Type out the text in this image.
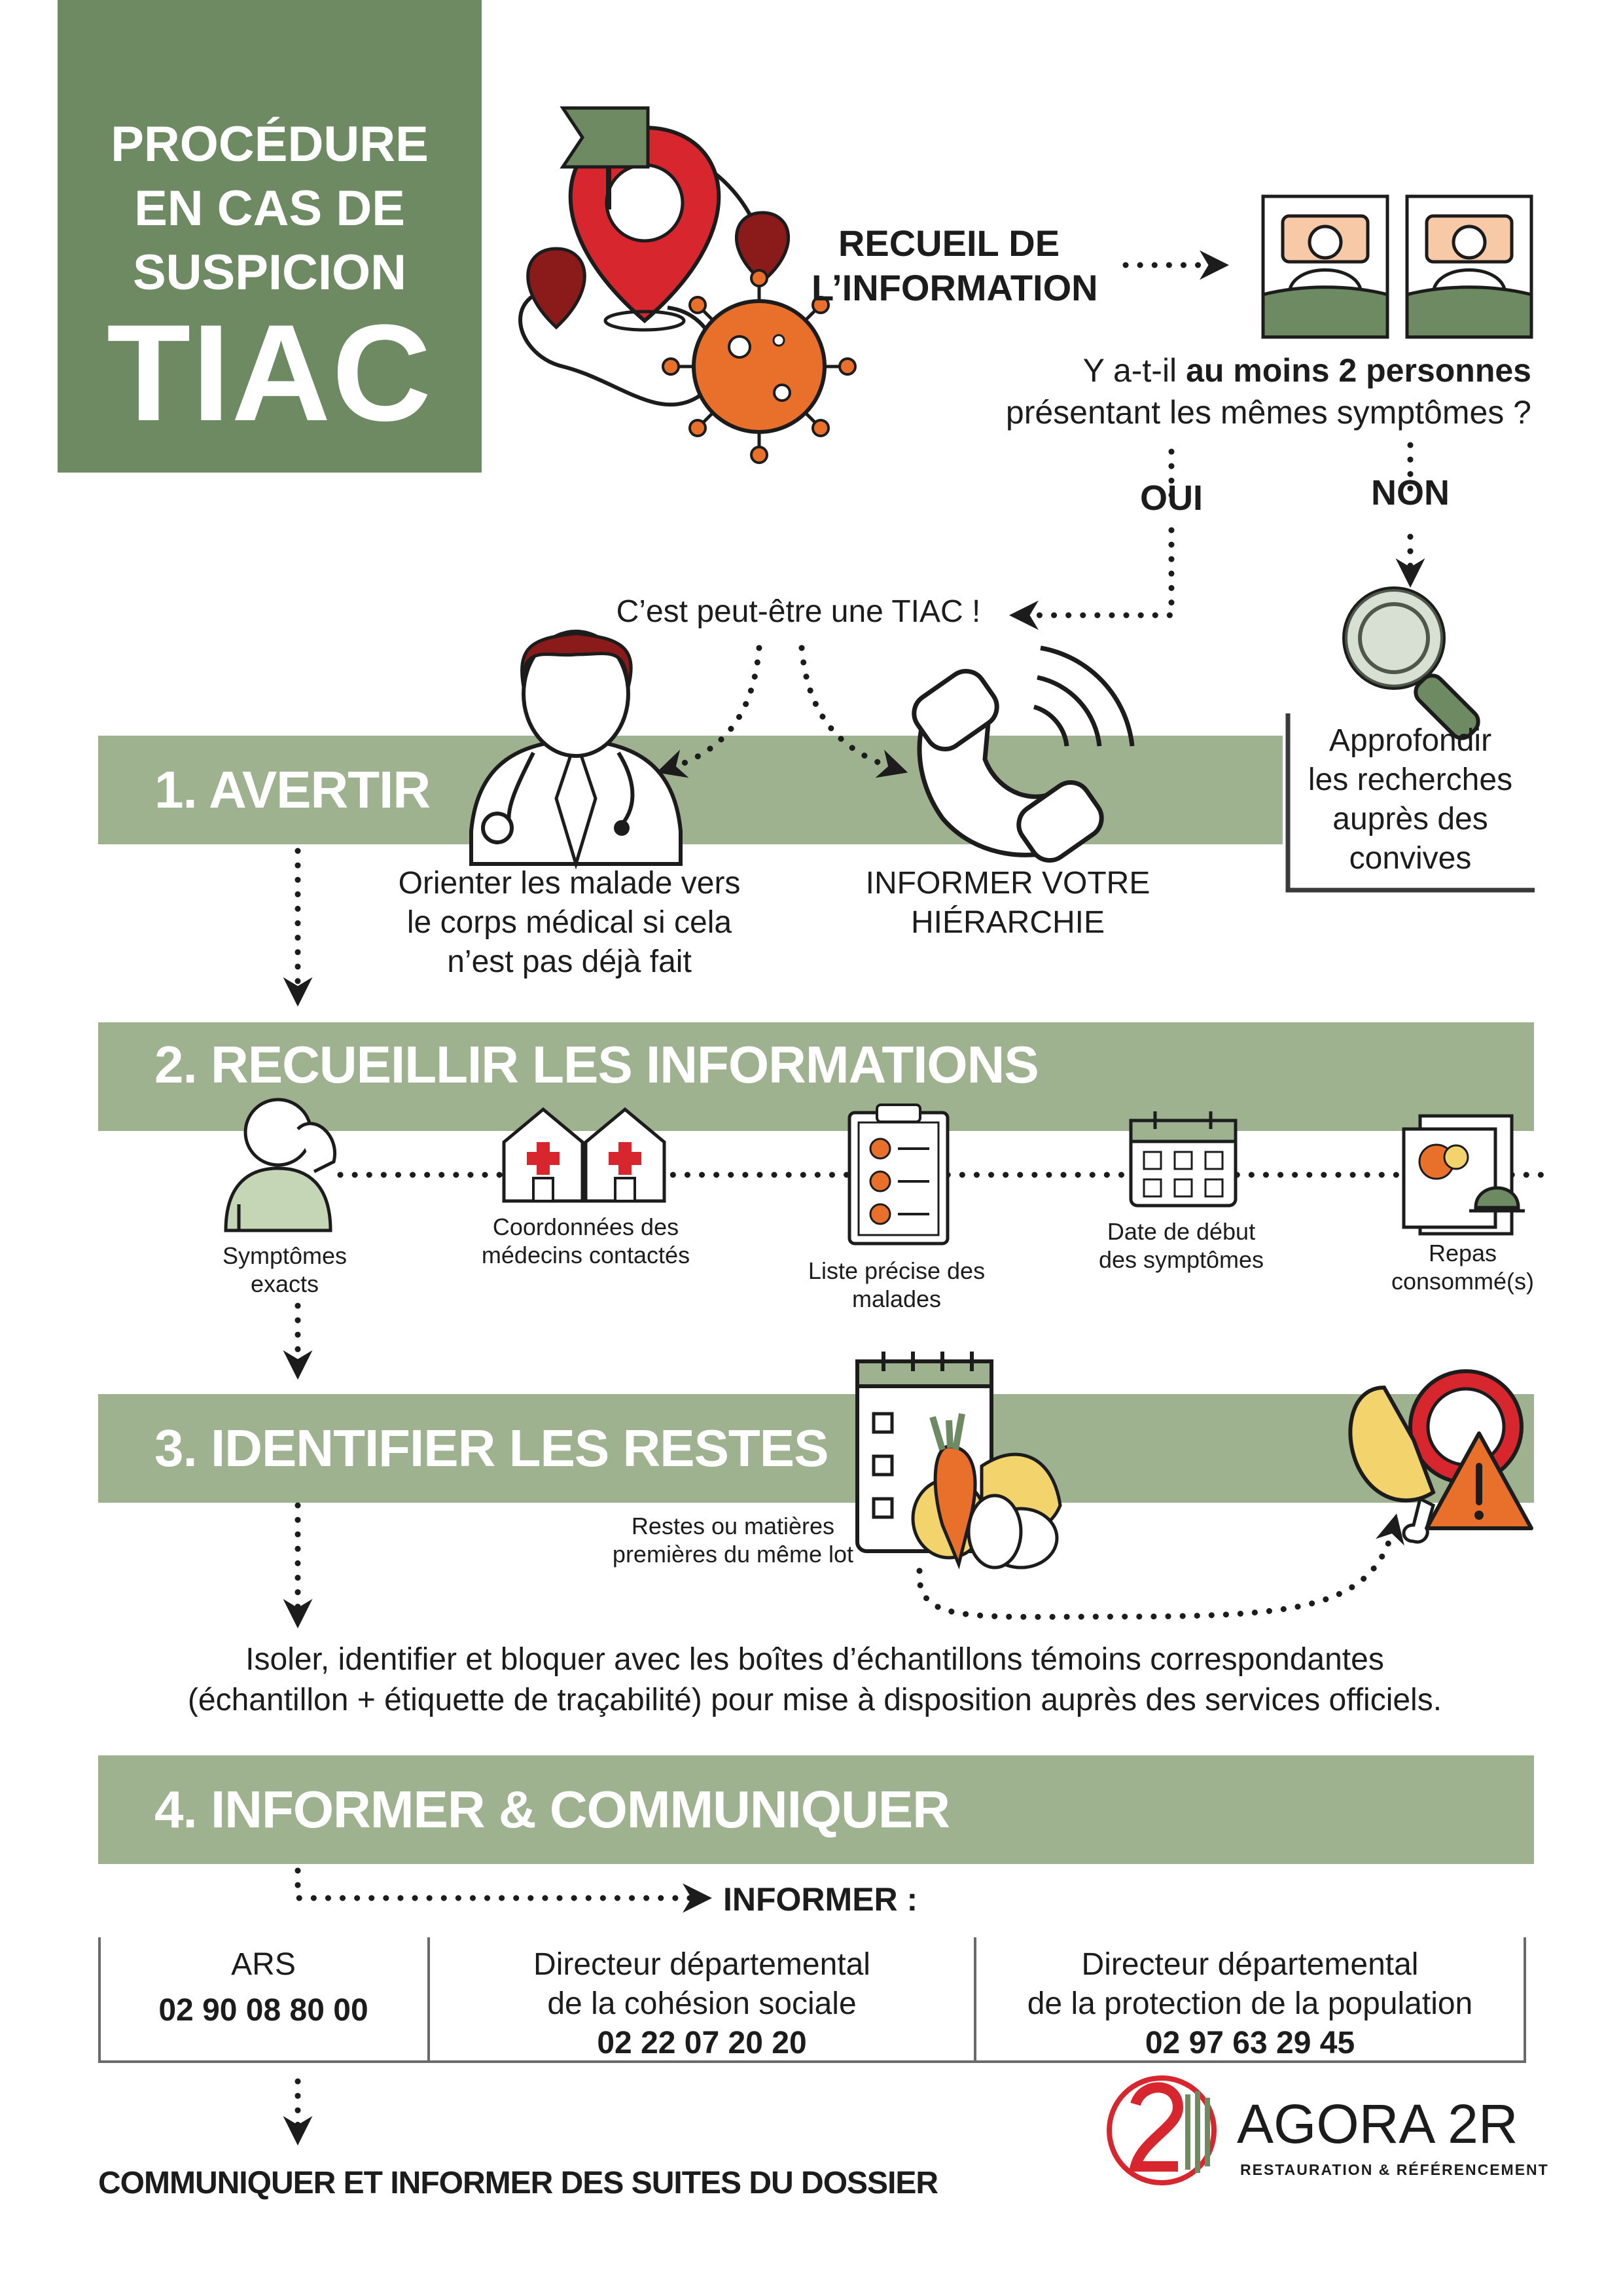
PROCÉDURE
EN CAS DE
SUSPICION
TIAC
1. AVERTIR
2. RECUEILLIR LES INFORMATIONS
3. IDENTIFIER LES RESTES
4. INFORMER & COMMUNIQUER
RECUEIL DE
L’INFORMATION
Y a-t-il au moins 2 personnes
présentant les mêmes symptômes ?
OUI	NON
C’est peut-être une TIAC !
Approfondir
les recherches
auprès des
convives
Orienter les malade vers
le corps médical si cela
n’est pas déjà fait
INFORMER VOTRE
HIÉRARCHIE
Symptômes
exacts
Coordonnées des
médecins contactés
Liste précise des
malades
Date de début
des symptômes	Repas
consommé(s)
Restes ou matières
premières du même lot
Isoler, identifier et bloquer avec les boîtes d’échantillons témoins correspondantes
(échantillon + étiquette de traçabilité) pour mise à disposition auprès des services officiels.
INFORMER :
ARS
02 90 08 80 00
Directeur départemental
de la cohésion sociale
02 22 07 20 20
Directeur départemental
de la protection de la population
02 97 63 29 45
COMMUNIQUER ET INFORMER DES SUITES DU DOSSIER
AGORA 2R
RESTAURATION & RÉFÉRENCEMENT
